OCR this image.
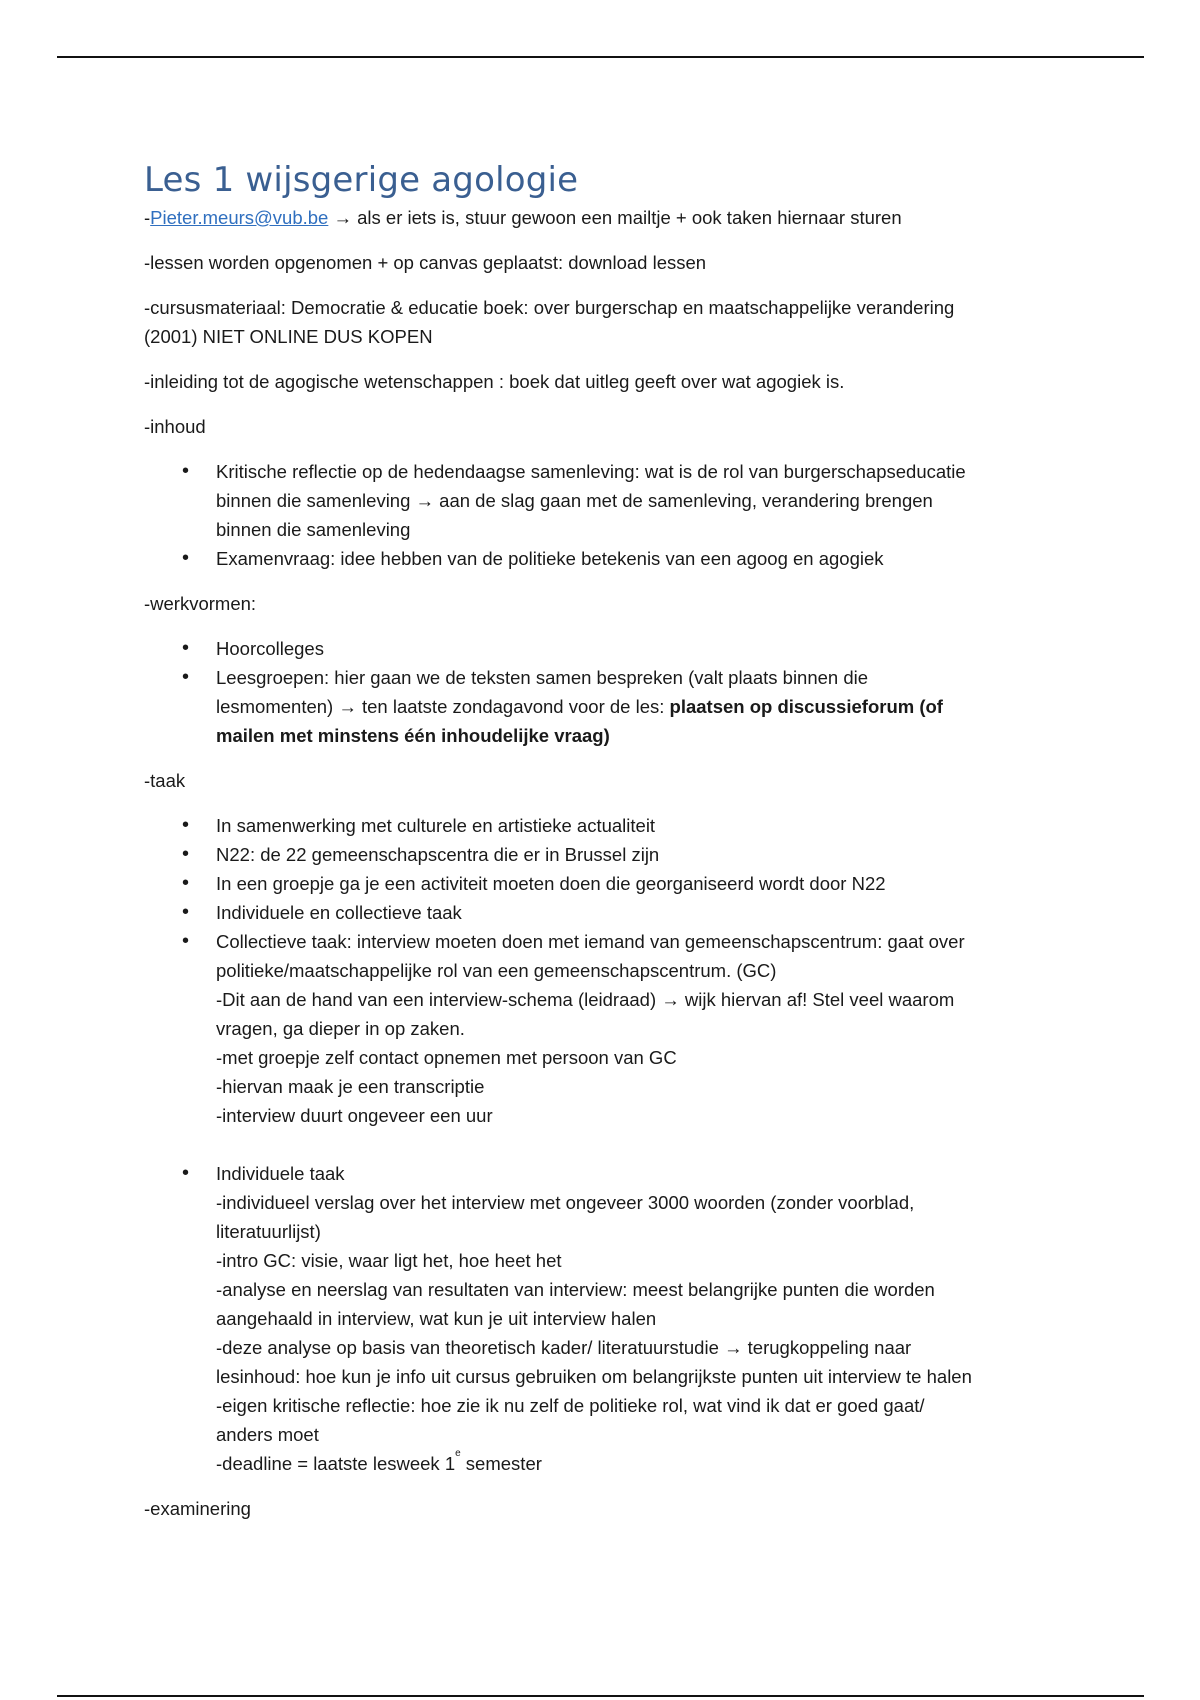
Les 1 wijsgerige agologie

-Pieter.meurs@vub.be → als er iets is, stuur gewoon een mailtje + ook taken hiernaar sturen

-lessen worden opgenomen + op canvas geplaatst: download lessen

-cursusmateriaal: Democratie & educatie boek: over burgerschap en maatschappelijke verandering
(2001) NIET ONLINE DUS KOPEN

-inleiding tot de agogische wetenschappen : boek dat uitleg geeft over wat agogiek is.

-inhoud

• Kritische reflectie op de hedendaagse samenleving: wat is de rol van burgerschapseducatie
binnen die samenleving → aan de slag gaan met de samenleving, verandering brengen
binnen die samenleving
• Examenvraag: idee hebben van de politieke betekenis van een agoog en agogiek

-werkvormen:

• Hoorcolleges
• Leesgroepen: hier gaan we de teksten samen bespreken (valt plaats binnen die
lesmomenten) → ten laatste zondagavond voor de les: plaatsen op discussieforum (of
mailen met minstens één inhoudelijke vraag)

-taak

• In samenwerking met culturele en artistieke actualiteit
• N22: de 22 gemeenschapscentra die er in Brussel zijn
• In een groepje ga je een activiteit moeten doen die georganiseerd wordt door N22
• Individuele en collectieve taak
• Collectieve taak: interview moeten doen met iemand van gemeenschapscentrum: gaat over
politieke/maatschappelijke rol van een gemeenschapscentrum. (GC)
-Dit aan de hand van een interview-schema (leidraad) → wijk hiervan af! Stel veel waarom
vragen, ga dieper in op zaken.
-met groepje zelf contact opnemen met persoon van GC
-hiervan maak je een transcriptie
-interview duurt ongeveer een uur
• Individuele taak
-individueel verslag over het interview met ongeveer 3000 woorden (zonder voorblad,
literatuurlijst)
-intro GC: visie, waar ligt het, hoe heet het
-analyse en neerslag van resultaten van interview: meest belangrijke punten die worden
aangehaald in interview, wat kun je uit interview halen
-deze analyse op basis van theoretisch kader/ literatuurstudie → terugkoppeling naar
lesinhoud: hoe kun je info uit cursus gebruiken om belangrijkste punten uit interview te halen
-eigen kritische reflectie: hoe zie ik nu zelf de politieke rol, wat vind ik dat er goed gaat/
anders moet
-deadline = laatste lesweek 1e semester

-examinering
